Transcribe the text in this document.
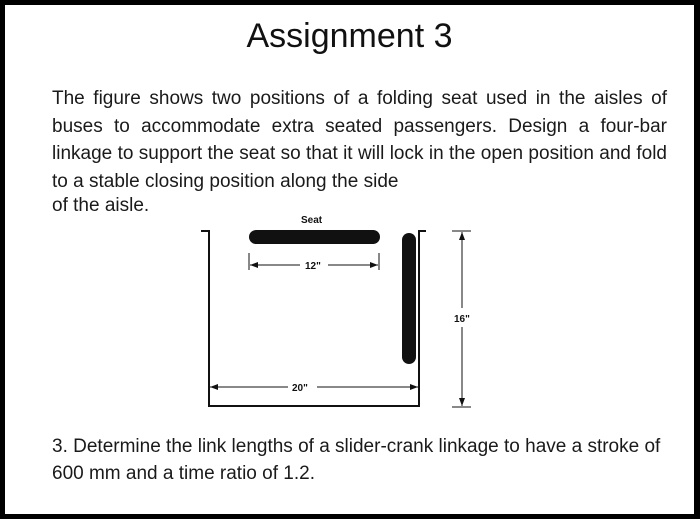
Assignment 3
The figure shows two positions of a folding seat used in the aisles of buses to accommodate extra seated passengers. Design a four-bar linkage to support the seat so that it will lock in the open position and fold to a stable closing position along the side
of the aisle.
Seat
12"
20"
16"
3. Determine the link lengths of a slider-crank linkage to have a stroke of 600 mm and a time ratio of 1.2.
